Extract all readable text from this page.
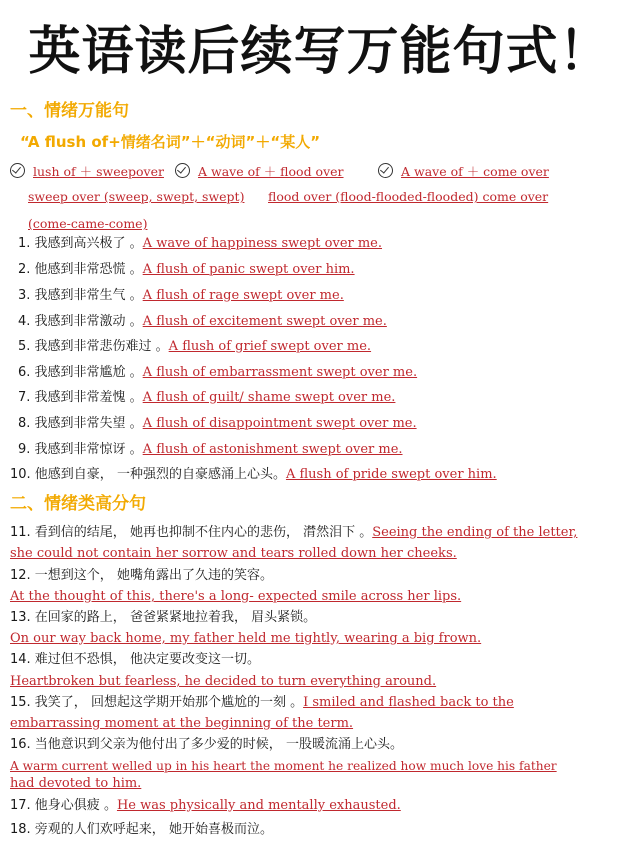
英语读后续写万能句式！
一、情绪万能句
“A flush of+情绪名词”＋“动词”＋“某人”
lush of ＋ sweepover	A wave of ＋ flood over	A wave of ＋ come over
sweep over (sweep, swept, swept) flood over (flood-flooded-flooded) come over
(come-came-come)
1. 我感到高兴极了 。A wave of happiness swept over me.
2. 他感到非常恐慌 。A flush of panic swept over him.
3. 我感到非常生气 。A flush of rage swept over me.
4. 我感到非常激动 。A flush of excitement swept over me.
5. 我感到非常悲伤难过 。A flush of grief swept over me.
6. 我感到非常尴尬 。A flush of embarrassment swept over me.
7. 我感到非常羞愧 。A flush of guilt/ shame swept over me.
8. 我感到非常失望 。A flush of disappointment swept over me.
9. 我感到非常惊讶 。A flush of astonishment swept over me.
10. 他感到自豪， 一种强烈的自豪感涌上心头。A flush of pride swept over him.
二、情绪类高分句
11. 看到信的结尾， 她再也抑制不住内心的悲伤， 潸然泪下 。Seeing the ending of the letter,
she could not contain her sorrow and tears rolled down her cheeks.
12. 一想到这个， 她嘴角露出了久违的笑容。
At the thought of this, there's a long- expected smile across her lips.
13. 在回家的路上， 爸爸紧紧地拉着我， 眉头紧锁。
On our way back home, my father held me tightly, wearing a big frown.
14. 难过但不恐惧， 他决定要改变这一切。
Heartbroken but fearless, he decided to turn everything around.
15. 我笑了， 回想起这学期开始那个尴尬的一刻 。I smiled and flashed back to the
embarrassing moment at the beginning of the term.
16. 当他意识到父亲为他付出了多少爱的时候， 一股暖流涌上心头。
A warm current welled up in his heart the moment he realized how much love his father
had devoted to him.
17. 他身心俱疲 。He was physically and mentally exhausted.
18. 旁观的人们欢呼起来， 她开始喜极而泣。
